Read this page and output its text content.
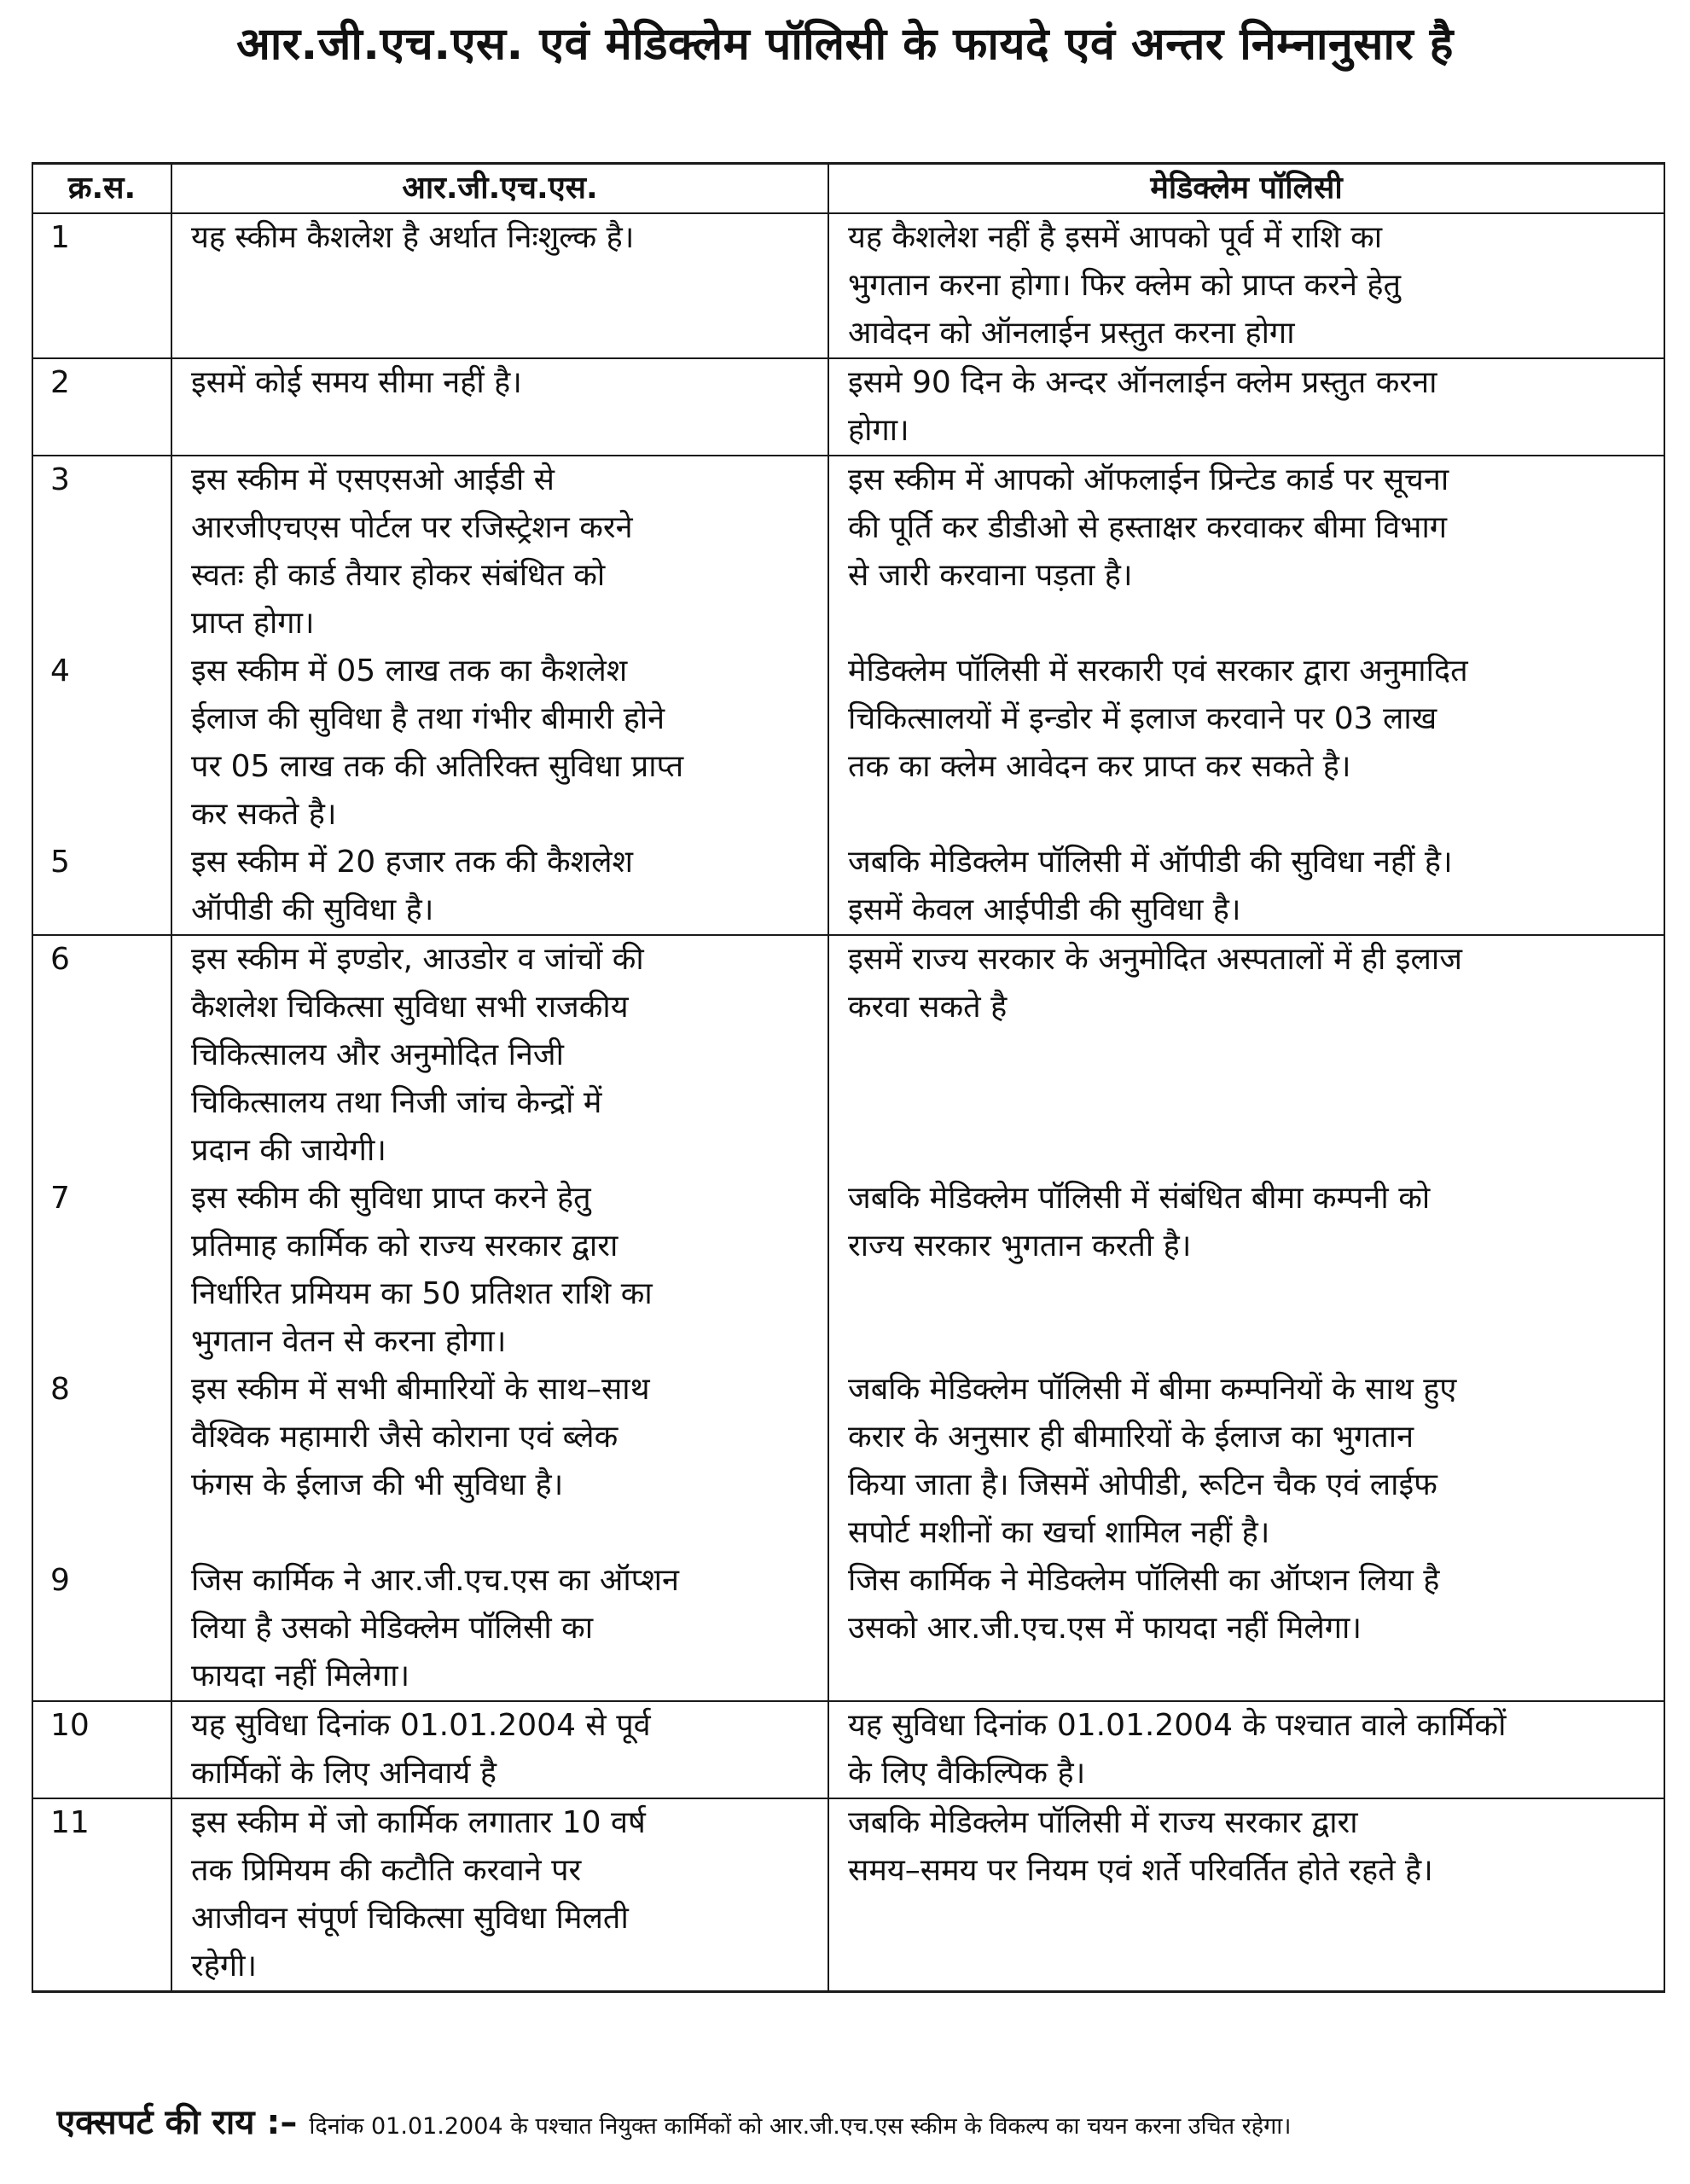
आर.जी.एच.एस. एवं मेडिक्लेम पॉलिसी के फायदे एवं अन्तर निम्नानुसार है
क्र.स.	आर.जी.एच.एस.	मेडिक्लेम पॉलिसी
1	यह स्कीम कैशलेश है अर्थात निःशुल्क है।	यह कैशलेश नहीं है इसमें आपको पूर्व में राशि का
भुगतान करना होगा। फिर क्लेम को प्राप्त करने हेतु
आवेदन को ऑनलाईन प्रस्तुत करना होगा
2	इसमें कोई समय सीमा नहीं है।	इसमे 90 दिन के अन्दर ऑनलाईन क्लेम प्रस्तुत करना
होगा।
3	इस स्कीम में एसएसओ आईडी से
आरजीएचएस पोर्टल पर रजिस्ट्रेशन करने
स्वतः ही कार्ड तैयार होकर संबंधित को
प्राप्त होगा।	इस स्कीम में आपको ऑफलाईन प्रिन्टेड कार्ड पर सूचना
की पूर्ति कर डीडीओ से हस्ताक्षर करवाकर बीमा विभाग
से जारी करवाना पड़ता है।
4	इस स्कीम में 05 लाख तक का कैशलेश
ईलाज की सुविधा है तथा गंभीर बीमारी होने
पर 05 लाख तक की अतिरिक्त सुविधा प्राप्त
कर सकते है।	मेडिक्लेम पॉलिसी में सरकारी एवं सरकार द्वारा अनुमादित
चिकित्सालयों में इन्डोर में इलाज करवाने पर 03 लाख
तक का क्लेम आवेदन कर प्राप्त कर सकते है।
5	इस स्कीम में 20 हजार तक की कैशलेश
ऑपीडी की सुविधा है।	जबकि मेडिक्लेम पॉलिसी में ऑपीडी की सुविधा नहीं है।
इसमें केवल आईपीडी की सुविधा है।
6	इस स्कीम में इण्डोर, आउडोर व जांचों की
कैशलेश चिकित्सा सुविधा सभी राजकीय
चिकित्सालय और अनुमोदित निजी
चिकित्सालय तथा निजी जांच केन्द्रों में
प्रदान की जायेगी।	इसमें राज्य सरकार के अनुमोदित अस्पतालों में ही इलाज
करवा सकते है
7	इस स्कीम की सुविधा प्राप्त करने हेतु
प्रतिमाह कार्मिक को राज्य सरकार द्वारा
निर्धारित प्रमियम का 50 प्रतिशत राशि का
भुगतान वेतन से करना होगा।	जबकि मेडिक्लेम पॉलिसी में संबंधित बीमा कम्पनी को
राज्य सरकार भुगतान करती है।
8	इस स्कीम में सभी बीमारियों के साथ–साथ
वैश्विक महामारी जैसे कोराना एवं ब्लेक
फंगस के ईलाज की भी सुविधा है।	जबकि मेडिक्लेम पॉलिसी में बीमा कम्पनियों के साथ हुए
करार के अनुसार ही बीमारियों के ईलाज का भुगतान
किया जाता है। जिसमें ओपीडी, रूटिन चैक एवं लाईफ
सपोर्ट मशीनों का खर्चा शामिल नहीं है।
9	जिस कार्मिक ने आर.जी.एच.एस का ऑप्शन
लिया है उसको मेडिक्लेम पॉलिसी का
फायदा नहीं मिलेगा।	जिस कार्मिक ने मेडिक्लेम पॉलिसी का ऑप्शन लिया है
उसको आर.जी.एच.एस में फायदा नहीं मिलेगा।
10	यह सुविधा दिनांक 01.01.2004 से पूर्व
कार्मिकों के लिए अनिवार्य है	यह सुविधा दिनांक 01.01.2004 के पश्चात वाले कार्मिकों
के लिए वैकिल्पिक है।
11	इस स्कीम में जो कार्मिक लगातार 10 वर्ष
तक प्रिमियम की कटौति करवाने पर
आजीवन संपूर्ण चिकित्सा सुविधा मिलती
रहेगी।	जबकि मेडिक्लेम पॉलिसी में राज्य सरकार द्वारा
समय–समय पर नियम एवं शर्ते परिवर्तित होते रहते है।
एक्सपर्ट की राय :– दिनांक 01.01.2004 के पश्चात नियुक्त कार्मिकों को आर.जी.एच.एस स्कीम के विकल्प का चयन करना उचित रहेगा।
